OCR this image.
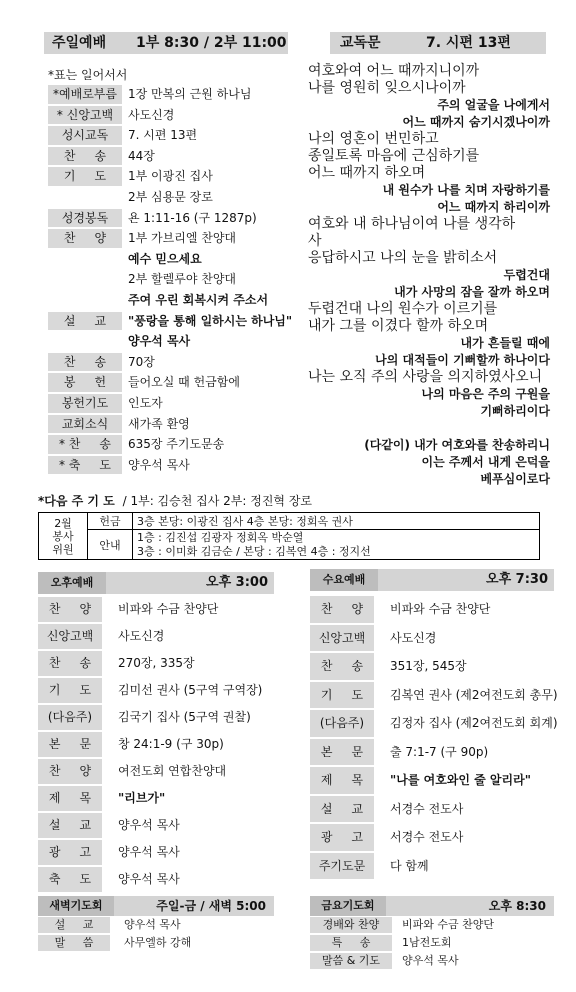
주일예배 1부 8:30 / 2부 11:00
*표는 일어서서
*예배로부름 1장 만복의 근원 하나님
* 신앙고백	사도신경
성시교독	7. 시편 13편
찬     송	44장
기     도	1부 이광진 집사
2부 심용문 장로
성경봉독	욘 1:11-16 (구 1287p)
찬     양	1부 가브리엘 찬양대
예수 믿으세요
2부 할렐루야 찬양대
주여 우린 회복시켜 주소서
설     교	"풍랑을 통해 일하시는 하나님"
양우석 목사
찬     송	70장
봉     헌	들어오실 때 헌금함에
봉헌기도	인도자
교회소식	새가족 환영
* 찬     송	635장 주기도문송
* 축     도	양우석 목사
교독문	7. 시편 13편
여호와여 어느 때까지니이까
나를 영원히 잊으시나이까
주의 얼굴을 나에게서
어느 때까지 숨기시겠나이까
나의 영혼이 번민하고
종일토록 마음에 근심하기를
어느 때까지 하오며
내 원수가 나를 치며 자랑하기를
어느 때까지 하리이까
여호와 내 하나님이여 나를 생각하
사
응답하시고 나의 눈을 밝히소서
두렵건대
내가 사망의 잠을 잘까 하오며
두렵건대 나의 원수가 이르기를
내가 그를 이겼다 할까 하오며
내가 흔들릴 때에
나의 대적들이 기뻐할까 하나이다
나는 오직 주의 사랑을 의지하였사오니
나의 마음은 주의 구원을
기뻐하리이다
(다같이) 내가 여호와를 찬송하리니
이는 주께서 내게 은덕을
베푸심이로다
*다음 주 기 도 / 1부: 김승천 집사 2부: 정진혁 장로
2월
봉사
위원	헌금	3층 본당: 이광진 집사 4층 본당: 정회옥 권사
	안내	1층 : 김진섭 김광자 정회옥 박순열
3층 : 이미화 김금순 / 본당 : 김복연 4층 : 정지선
오후예배	오후 3:00
찬     양	비파와 수금 찬양단
신앙고백	사도신경
찬     송	270장, 335장
기     도	김미선 권사 (5구역 구역장)
(다음주)	김국기 집사 (5구역 권찰)
본     문	창 24:1-9 (구 30p)
찬     양	여전도회 연합찬양대
제     목	"리브가"
설     교	양우석 목사
광     고	양우석 목사
축     도	양우석 목사
수요예배	오후 7:30
찬     양	비파와 수금 찬양단
신앙고백	사도신경
찬     송	351장, 545장
기     도	김복연 권사 (제2여전도회 총무)
(다음주)	김정자 집사 (제2여전도회 회계)
본     문	출 7:1-7 (구 90p)
제     목	"나를 여호와인 줄 알리라"
설     교	서경수 전도사
광     고	서경수 전도사
주기도문	다 함께
새벽기도회	주일-금 / 새벽 5:00
설     교	양우석 목사
말     씀	사무엘하 강해
금요기도회	오후 8:30
경배와 찬양	비파와 수금 찬양단
특     송	1남전도회
말씀 & 기도	양우석 목사
